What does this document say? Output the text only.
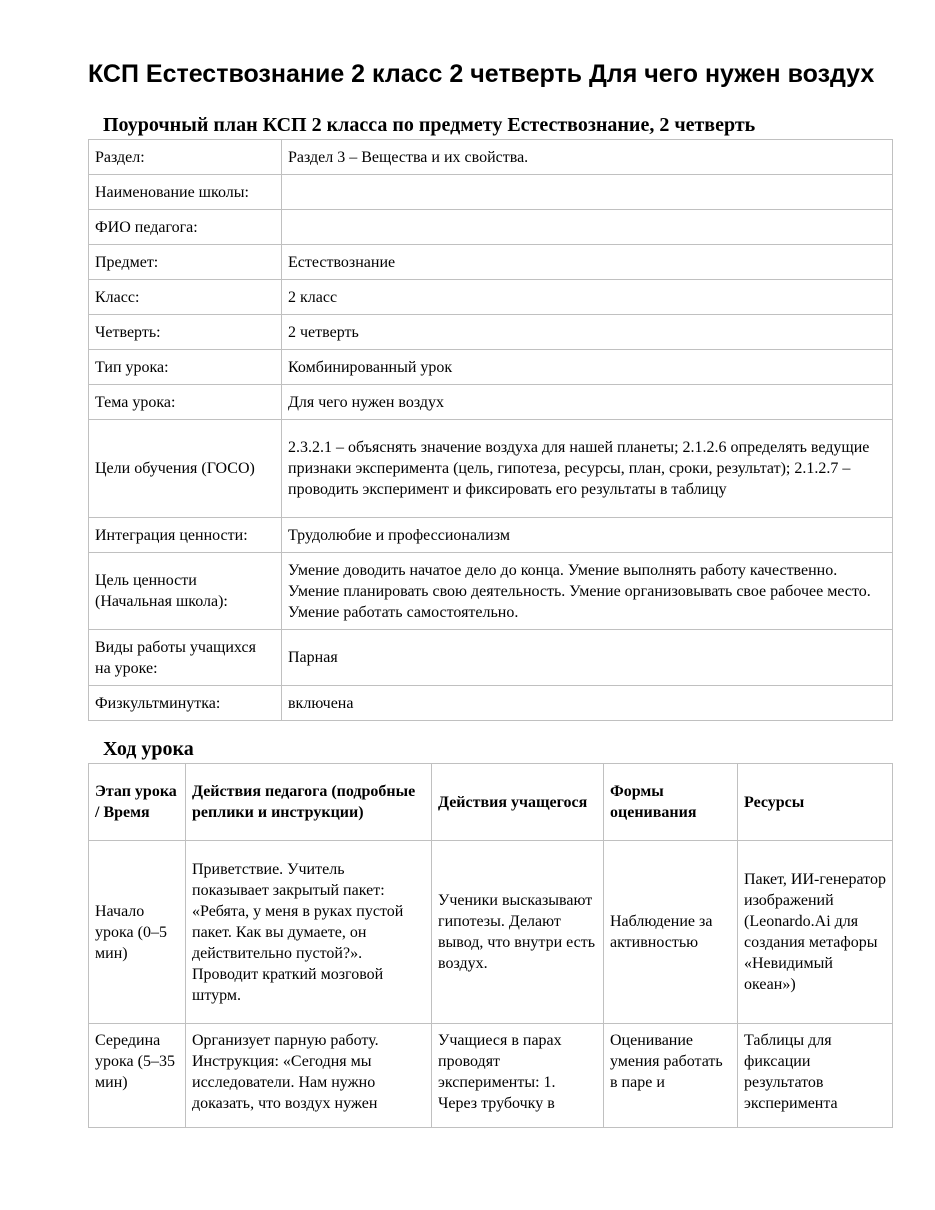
КСП Естествознание 2 класс 2 четверть Для чего нужен воздух
Поурочный план КСП 2 класса по предмету Естествознание, 2 четверть
Раздел:	Раздел 3 – Вещества и их свойства.
Наименование школы:	
ФИО педагога:	
Предмет:	Естествознание
Класс:	2 класс
Четверть:	2 четверть
Тип урока:	Комбинированный урок
Тема урока:	Для чего нужен воздух
Цели обучения (ГОСО)	2.3.2.1 – объяснять значение воздуха для нашей планеты; 2.1.2.6 определять ведущие признаки эксперимента (цель, гипотеза, ресурсы, план, сроки, результат); 2.1.2.7 – проводить эксперимент и фиксировать его результаты в таблицу
Интеграция ценности:	Трудолюбие и профессионализм
Цель ценности (Начальная школа):	Умение доводить начатое дело до конца. Умение выполнять работу качественно. Умение планировать свою деятельность. Умение организовывать свое рабочее место. Умение работать самостоятельно.
Виды работы учащихся на уроке:	Парная
Физкультминутка:	включена
Ход урока
Этап урока / Время	Действия педагога (подробные реплики и инструкции)	Действия учащегося	Формы оценивания	Ресурсы
Начало урока (0–5 мин)	Приветствие. Учитель показывает закрытый пакет: «Ребята, у меня в руках пустой пакет. Как вы думаете, он действительно пустой?». Проводит краткий мозговой штурм.	Ученики высказывают гипотезы. Делают вывод, что внутри есть воздух.	Наблюдение за активностью	Пакет, ИИ-генератор изображений (Leonardo.Ai для создания метафоры «Невидимый океан»)
Середина урока (5–35 мин)	Организует парную работу. Инструкция: «Сегодня мы исследователи. Нам нужно доказать, что воздух нужен	Учащиеся в парах проводят эксперименты: 1. Через трубочку в	Оценивание умения работать в паре и	Таблицы для фиксации результатов эксперимента
